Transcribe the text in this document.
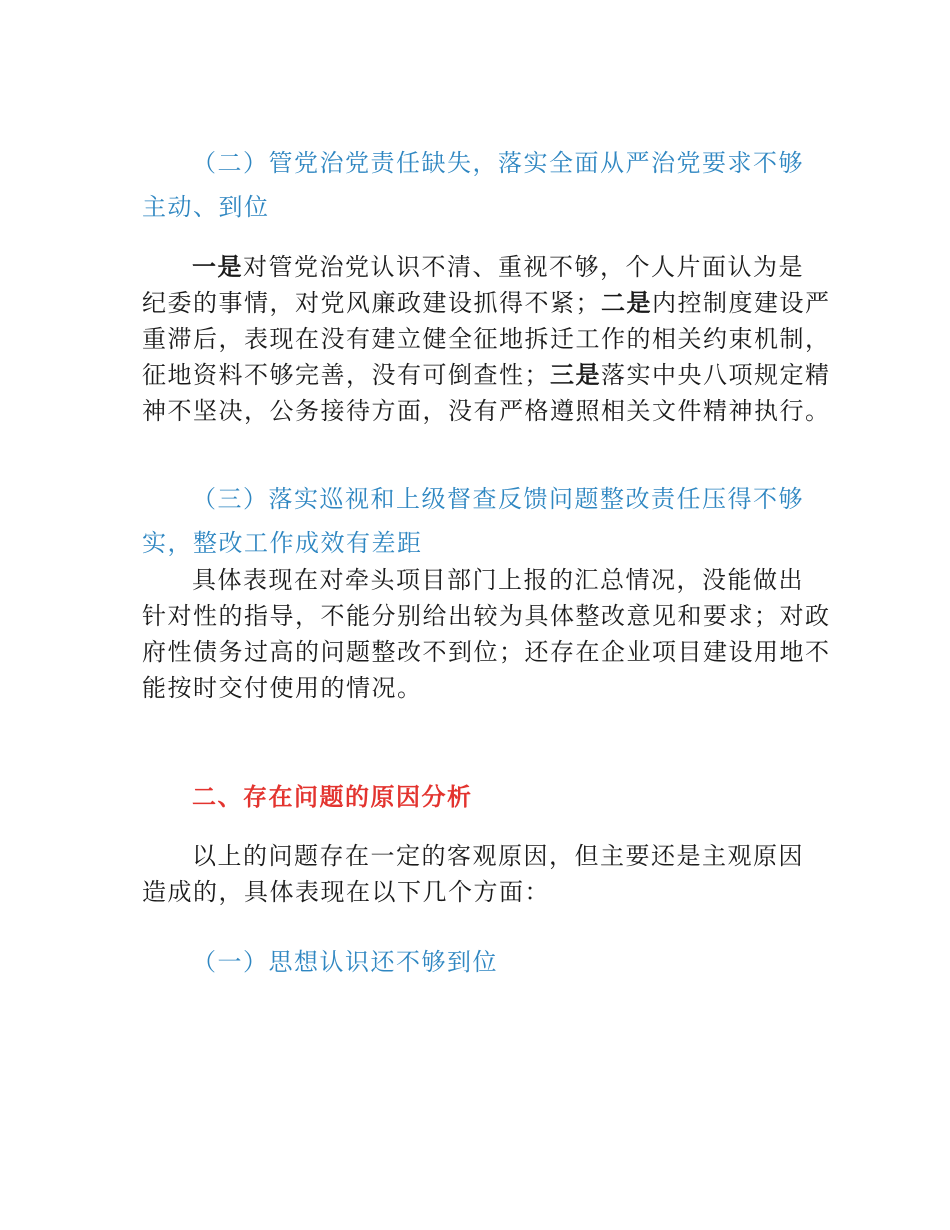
（二）管党治党责任缺失，落实全面从严治党要求不够
主动、到位
一是对管党治党认识不清、重视不够，个人片面认为是
纪委的事情，对党风廉政建设抓得不紧；二是内控制度建设严
重滞后，表现在没有建立健全征地拆迁工作的相关约束机制，
征地资料不够完善，没有可倒查性；三是落实中央八项规定精
神不坚决，公务接待方面，没有严格遵照相关文件精神执行。
（三）落实巡视和上级督查反馈问题整改责任压得不够
实，整改工作成效有差距
具体表现在对牵头项目部门上报的汇总情况，没能做出
针对性的指导，不能分别给出较为具体整改意见和要求；对政
府性债务过高的问题整改不到位；还存在企业项目建设用地不
能按时交付使用的情况。
二、存在问题的原因分析
以上的问题存在一定的客观原因，但主要还是主观原因
造成的，具体表现在以下几个方面：
（一）思想认识还不够到位
